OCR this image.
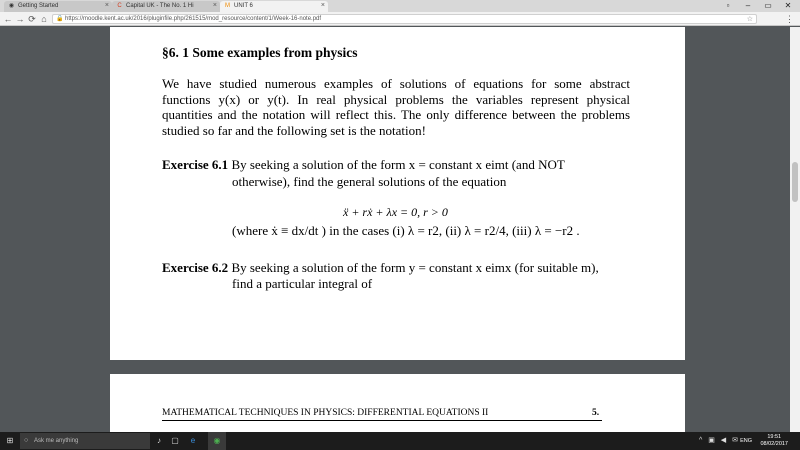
◉ Getting Started	× C Capital UK - The No. 1 Hi	× M UNIT 6	×	▫	–	▭	✕
← → ⟳ ⌂	🔒 https://moodle.kent.ac.uk/2016/pluginfile.php/261515/mod_resource/content/1/Week-16-note.pdf	☆	⋮
§6. 1 Some examples from physics
We have studied numerous examples of solutions of equations for some abstract functions y(x) or y(t). In real physical problems the variables represent physical quantities and the notation will reflect this. The only difference between the problems studied so far and the following set is the notation!
Exercise 6.1 By seeking a solution of the form x = constant x eimt (and NOT
otherwise), find the general solutions of the equation
ẍ + rẋ + λx = 0, r > 0
(where ẋ ≡ dx/dt ) in the cases (i) λ = r2, (ii) λ = r2/4, (iii) λ = −r2 .
Exercise 6.2 By seeking a solution of the form y = constant x eimx (for suitable m),
find a particular integral of
MATHEMATICAL TECHNIQUES IN PHYSICS: DIFFERENTIAL EQUATIONS II	5.
⊞	○ Ask me anything	♪	▢	e	◉	^ ▣ ◀ ✉ ENG
19:51
08/02/2017
